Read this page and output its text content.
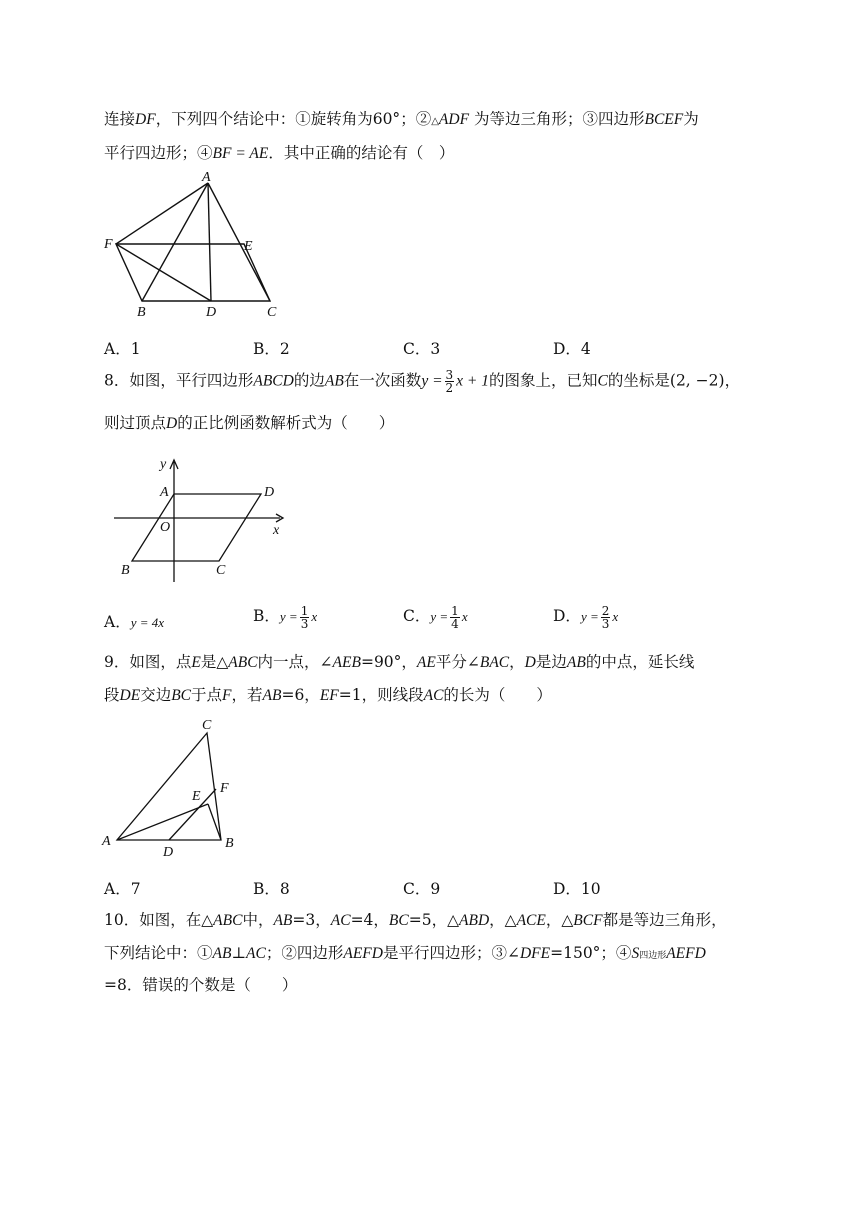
连接DF，下列四个结论中：①旋转角为60°；②△ADF 为等边三角形；③四边形BCEF为
平行四边形；④BF = AE．其中正确的结论有（　）
A
F	E
B	D	C
A．1	B．2	C．3	D．4
8．如图，平行四边形ABCD的边AB在一次函数$y = \frac{3}{2}$ x + 1的图象上，已知C的坐标是(2, −2)，
则过顶点D的正比例函数解析式为（　　）
y
A	D
O	x
B	C
A．y = 4x	B．$y = \frac{1}{3}$ x	C．$y = \frac{1}{4}$ x	D．$y = \frac{2}{3}$ x
9．如图，点E是△ABC内一点，∠AEB=90°，AE平分∠BAC，D是边AB的中点，延长线
段DE交边BC于点F，若AB=6，EF=1，则线段AC的长为（　　）
C
E
F
A
D
B
A．7	B．8	C．9	D．10
10．如图，在△ABC中，AB=3，AC=4，BC=5，△ABD，△ACE，△BCF都是等边三角形，
下列结论中：①AB⊥AC；②四边形AEFD是平行四边形；③∠DFE=150°；④S四边形AEFD
=8．错误的个数是（　　）
